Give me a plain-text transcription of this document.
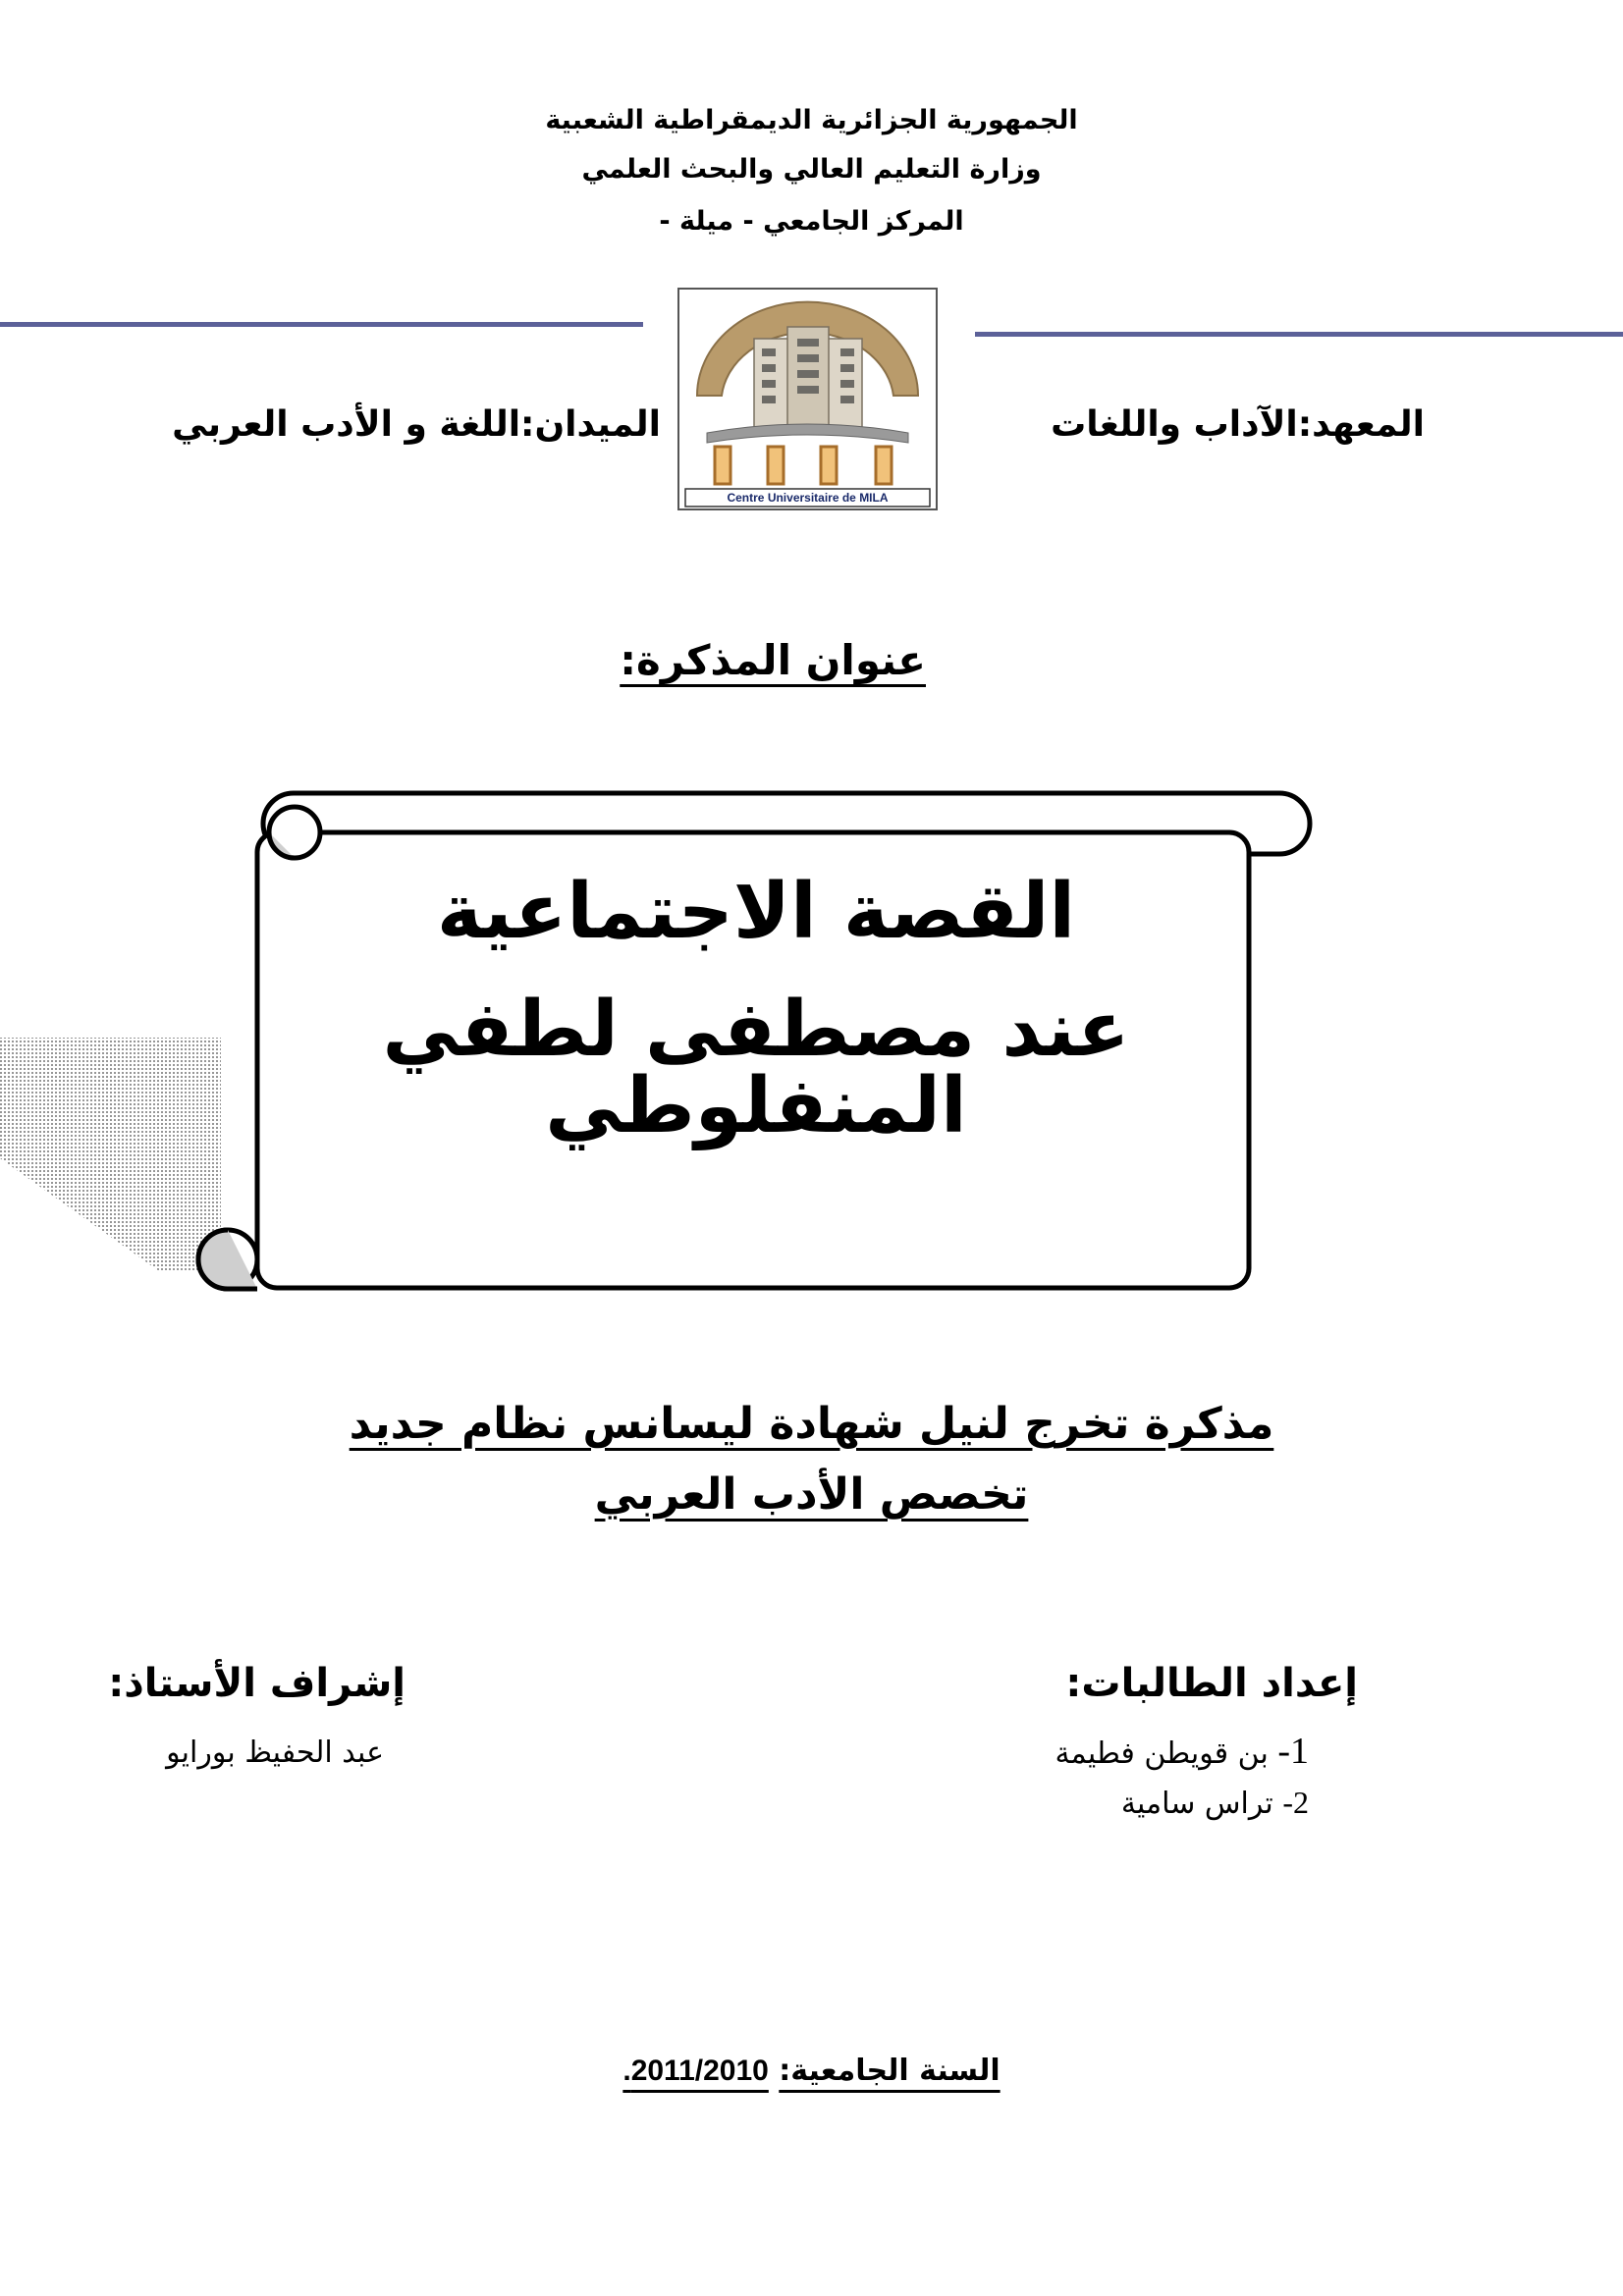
الجمهورية الجزائرية الديمقراطية الشعبية
وزارة التعليم العالي والبحث العلمي
المركز الجامعي - ميلة -
Centre Universitaire de MILA
المعهد:الآداب واللغات
الميدان:اللغة و الأدب العربي
عنوان المذكرة:
القصة الاجتماعية
عند مصطفى لطفي المنفلوطي
مذكرة تخرج لنيل شهادة ليسانس نظام جديد
تخصص الأدب العربي
إعداد الطالبات:
1- بن قويطن فطيمة
2- تراس سامية
إشراف الأستاذ:
عبد الحفيظ بورايو
السنة الجامعية: 2011/2010.
